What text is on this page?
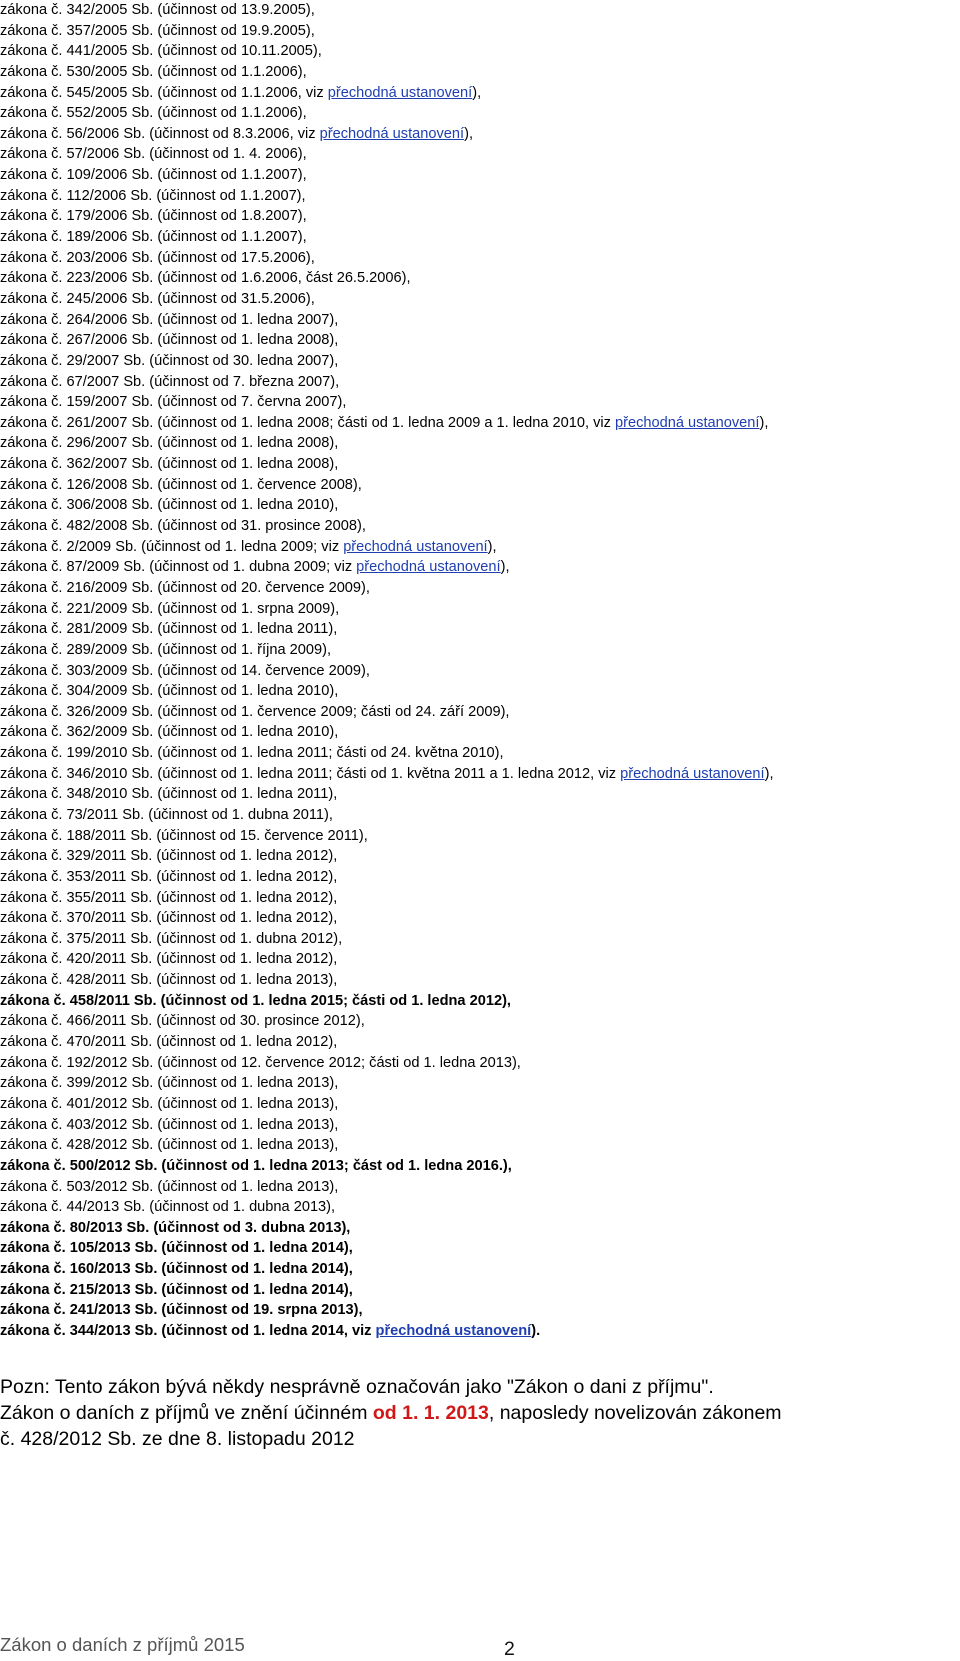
zákona č. 342/2005 Sb. (účinnost od 13.9.2005),
zákona č. 357/2005 Sb. (účinnost od 19.9.2005),
zákona č. 441/2005 Sb. (účinnost od 10.11.2005),
zákona č. 530/2005 Sb. (účinnost od 1.1.2006),
zákona č. 545/2005 Sb. (účinnost od 1.1.2006, viz přechodná ustanovení),
zákona č. 552/2005 Sb. (účinnost od 1.1.2006),
zákona č. 56/2006 Sb. (účinnost od 8.3.2006, viz přechodná ustanovení),
zákona č. 57/2006 Sb. (účinnost od 1. 4. 2006),
zákona č. 109/2006 Sb. (účinnost od 1.1.2007),
zákona č. 112/2006 Sb. (účinnost od 1.1.2007),
zákona č. 179/2006 Sb. (účinnost od 1.8.2007),
zákona č. 189/2006 Sb. (účinnost od 1.1.2007),
zákona č. 203/2006 Sb. (účinnost od 17.5.2006),
zákona č. 223/2006 Sb. (účinnost od 1.6.2006, část 26.5.2006),
zákona č. 245/2006 Sb. (účinnost od 31.5.2006),
zákona č. 264/2006 Sb. (účinnost od 1. ledna 2007),
zákona č. 267/2006 Sb. (účinnost od 1. ledna 2008),
zákona č. 29/2007 Sb. (účinnost od 30. ledna 2007),
zákona č. 67/2007 Sb. (účinnost od 7. března 2007),
zákona č. 159/2007 Sb. (účinnost od 7. června 2007),
zákona č. 261/2007 Sb. (účinnost od 1. ledna 2008; části od 1. ledna 2009 a 1. ledna 2010, viz přechodná ustanovení),
zákona č. 296/2007 Sb. (účinnost od 1. ledna 2008),
zákona č. 362/2007 Sb. (účinnost od 1. ledna 2008),
zákona č. 126/2008 Sb. (účinnost od 1. července 2008),
zákona č. 306/2008 Sb. (účinnost od 1. ledna 2010),
zákona č. 482/2008 Sb. (účinnost od 31. prosince 2008),
zákona č. 2/2009 Sb. (účinnost od 1. ledna 2009; viz přechodná ustanovení),
zákona č. 87/2009 Sb. (účinnost od 1. dubna 2009; viz přechodná ustanovení),
zákona č. 216/2009 Sb. (účinnost od 20. července 2009),
zákona č. 221/2009 Sb. (účinnost od 1. srpna 2009),
zákona č. 281/2009 Sb. (účinnost od 1. ledna 2011),
zákona č. 289/2009 Sb. (účinnost od 1. října 2009),
zákona č. 303/2009 Sb. (účinnost od 14. července 2009),
zákona č. 304/2009 Sb. (účinnost od 1. ledna 2010),
zákona č. 326/2009 Sb. (účinnost od 1. července 2009; části od 24. září 2009),
zákona č. 362/2009 Sb. (účinnost od 1. ledna 2010),
zákona č. 199/2010 Sb. (účinnost od 1. ledna 2011; části od 24. května 2010),
zákona č. 346/2010 Sb. (účinnost od 1. ledna 2011; části od 1. května 2011 a 1. ledna 2012, viz přechodná ustanovení),
zákona č. 348/2010 Sb. (účinnost od 1. ledna 2011),
zákona č. 73/2011 Sb. (účinnost od 1. dubna 2011),
zákona č. 188/2011 Sb. (účinnost od 15. července 2011),
zákona č. 329/2011 Sb. (účinnost od 1. ledna 2012),
zákona č. 353/2011 Sb. (účinnost od 1. ledna 2012),
zákona č. 355/2011 Sb. (účinnost od 1. ledna 2012),
zákona č. 370/2011 Sb. (účinnost od 1. ledna 2012),
zákona č. 375/2011 Sb. (účinnost od 1. dubna 2012),
zákona č. 420/2011 Sb. (účinnost od 1. ledna 2012),
zákona č. 428/2011 Sb. (účinnost od 1. ledna 2013),
zákona č. 458/2011 Sb. (účinnost od 1. ledna 2015; části od 1. ledna 2012),
zákona č. 466/2011 Sb. (účinnost od 30. prosince 2012),
zákona č. 470/2011 Sb. (účinnost od 1. ledna 2012),
zákona č. 192/2012 Sb. (účinnost od 12. července 2012; části od 1. ledna 2013),
zákona č. 399/2012 Sb. (účinnost od 1. ledna 2013),
zákona č. 401/2012 Sb. (účinnost od 1. ledna 2013),
zákona č. 403/2012 Sb. (účinnost od 1. ledna 2013),
zákona č. 428/2012 Sb. (účinnost od 1. ledna 2013),
zákona č. 500/2012 Sb. (účinnost od 1. ledna 2013; část od 1. ledna 2016.),
zákona č. 503/2012 Sb. (účinnost od 1. ledna 2013),
zákona č. 44/2013 Sb. (účinnost od 1. dubna 2013),
zákona č. 80/2013 Sb. (účinnost od 3. dubna 2013),
zákona č. 105/2013 Sb. (účinnost od 1. ledna 2014),
zákona č. 160/2013 Sb. (účinnost od 1. ledna 2014),
zákona č. 215/2013 Sb. (účinnost od 1. ledna 2014),
zákona č. 241/2013 Sb. (účinnost od 19. srpna 2013),
zákona č. 344/2013 Sb. (účinnost od 1. ledna 2014, viz přechodná ustanovení).
Pozn: Tento zákon bývá někdy nesprávně označován jako "Zákon o dani z příjmu".
Zákon o daních z příjmů ve znění účinném od 1. 1. 2013, naposledy novelizován zákonem
č. 428/2012 Sb. ze dne 8. listopadu 2012
Zákon o daních z příjmů 2015	2
